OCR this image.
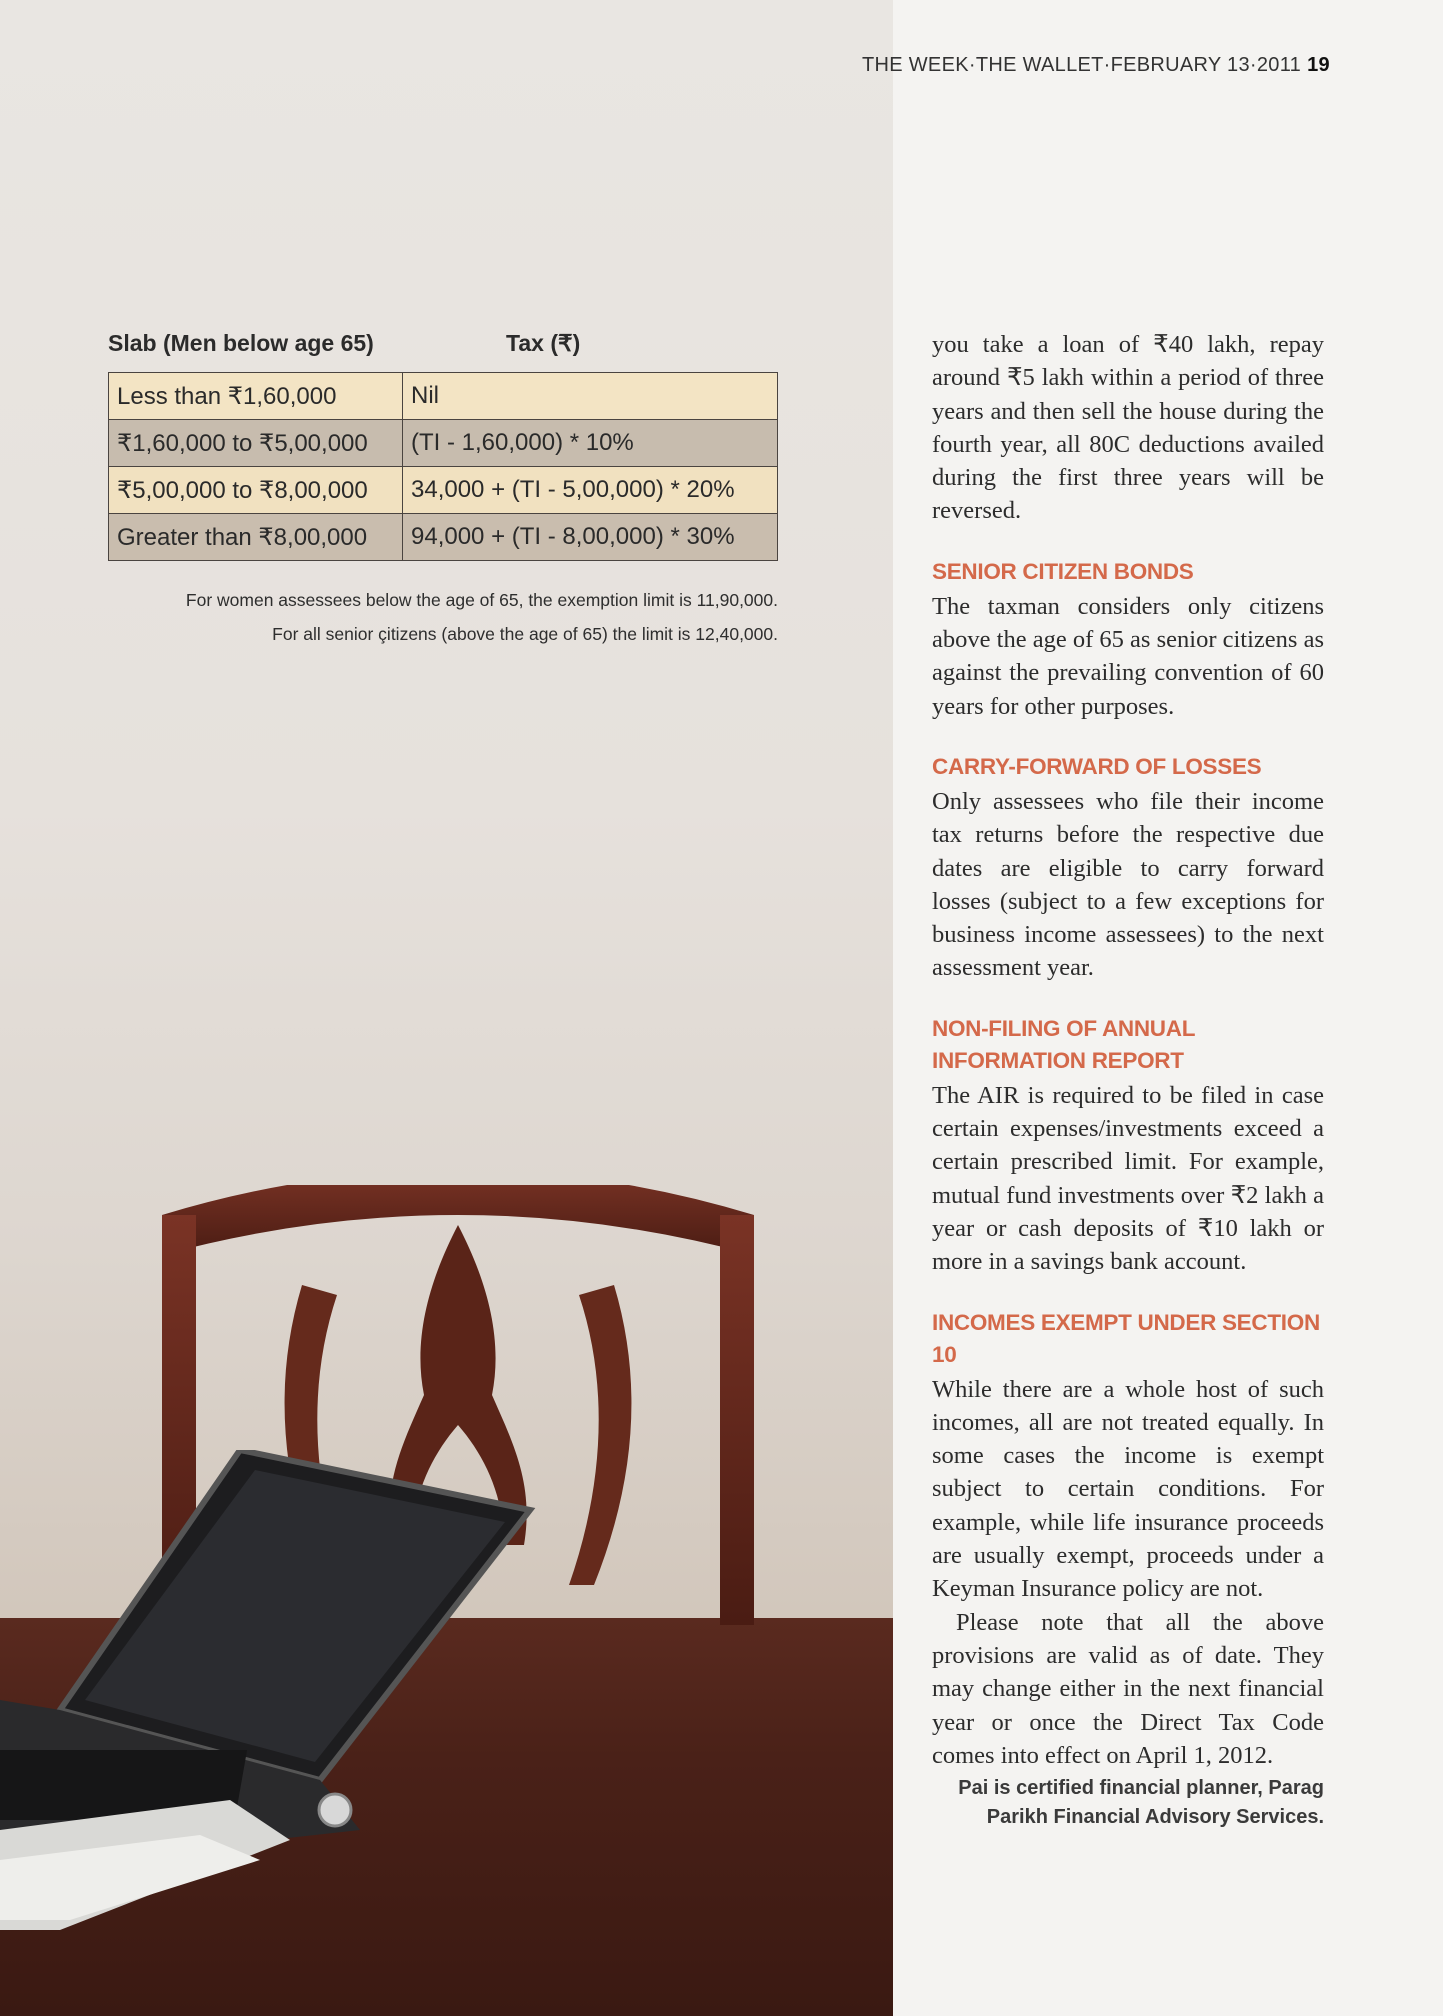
THE WEEK·THE WALLET·FEBRUARY 13·2011 19
Slab (Men below age 65)	Tax (₹)
Less than ₹1,60,000	Nil
₹1,60,000 to ₹5,00,000	(TI - 1,60,000) * 10%
₹5,00,000 to ₹8,00,000	34,000 + (TI - 5,00,000) * 20%
Greater than ₹8,00,000	94,000 + (TI - 8,00,000) * 30%
For women assessees below the age of 65, the exemption limit is 11,90,000.
For all senior çitizens (above the age of 65) the limit is 12,40,000.

you take a loan of ₹40 lakh, repay around ₹5 lakh within a period of three years and then sell the house during the fourth year, all 80C deductions availed during the first three years will be reversed.

SENIOR CITIZEN BONDS

The taxman considers only citizens above the age of 65 as senior citizens as against the prevailing convention of 60 years for other purposes.

CARRY-FORWARD OF LOSSES

Only assessees who file their income tax returns before the respective due dates are eligible to carry forward losses (subject to a few exceptions for business income assessees) to the next assessment year.

NON-FILING OF ANNUAL INFORMATION REPORT

The AIR is required to be filed in case certain expenses/investments exceed a certain prescribed limit. For example, mutual fund investments over ₹2 lakh a year or cash deposits of ₹10 lakh or more in a savings bank account.

INCOMES EXEMPT UNDER SECTION 10

While there are a whole host of such incomes, all are not treated equally. In some cases the income is exempt subject to certain conditions. For example, while life insurance proceeds are usually exempt, proceeds under a Keyman Insurance policy are not.

Please note that all the above provisions are valid as of date. They may change either in the next financial year or once the Direct Tax Code comes into effect on April 1, 2012.

Pai is certified financial planner, Parag Parikh Financial Advisory Services.
